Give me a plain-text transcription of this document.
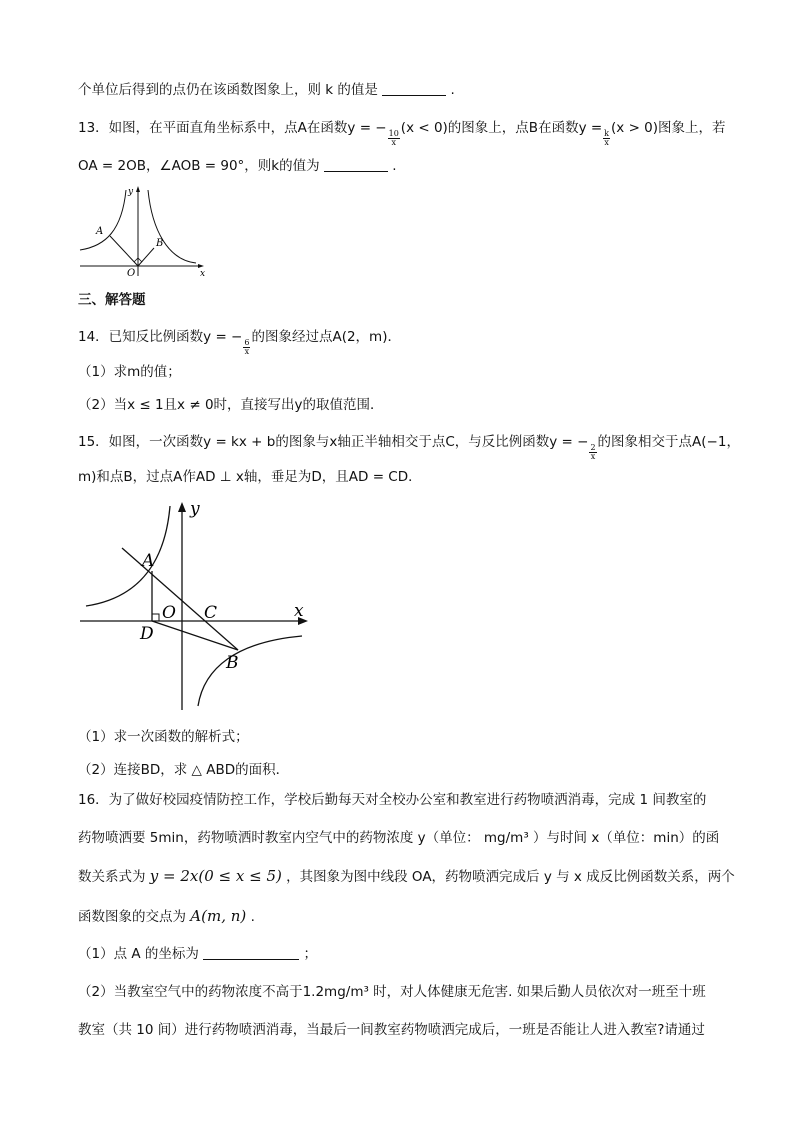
个单位后得到的点仍在该函数图象上，则 k 的值是	.
13．如图，在平面直角坐标系中，点A在函数y = −
$\frac{10}{x}$
(x < 0)的图象上，点B在函数y =
$\frac{k}{x}$
(x > 0)图象上，若
OA = 2OB，∠AOB = 90°，则k的值为	.
y
x
A
B
O
三、解答题
14．已知反比例函数y = −
$\frac{6}{x}$
的图象经过点A(2，m)．
（1）求m的值；
（2）当x ≤ 1且x ≠ 0时，直接写出y的取值范围．
15．如图，一次函数y = kx + b的图象与x轴正半轴相交于点C，与反比例函数y = −
$\frac{2}{x}$
的图象相交于点A(−1，
m)和点B，过点A作AD ⊥ x轴，垂足为D，且AD = CD．
y
x
A
O C
D
B
（1）求一次函数的解析式；
（2）连接BD，求 △ ABD的面积．
16．为了做好校园疫情防控工作，学校后勤每天对全校办公室和教室进行药物喷洒消毒，完成 1 间教室的
药物喷洒要 5min，药物喷洒时教室内空气中的药物浓度 y（单位： mg/m³ ）与时间 x（单位：min）的函
数关系式为 y = 2x(0 ≤ x ≤ 5) ，其图象为图中线段 OA，药物喷洒完成后 y 与 x 成反比例函数关系，两个
函数图象的交点为 A(m, n) .
（1）点 A 的坐标为	；
（2）当教室空气中的药物浓度不高于1.2mg/m³ 时，对人体健康无危害. 如果后勤人员依次对一班至十班
教室（共 10 间）进行药物喷洒消毒，当最后一间教室药物喷洒完成后，一班是否能让人进入教室?请通过
